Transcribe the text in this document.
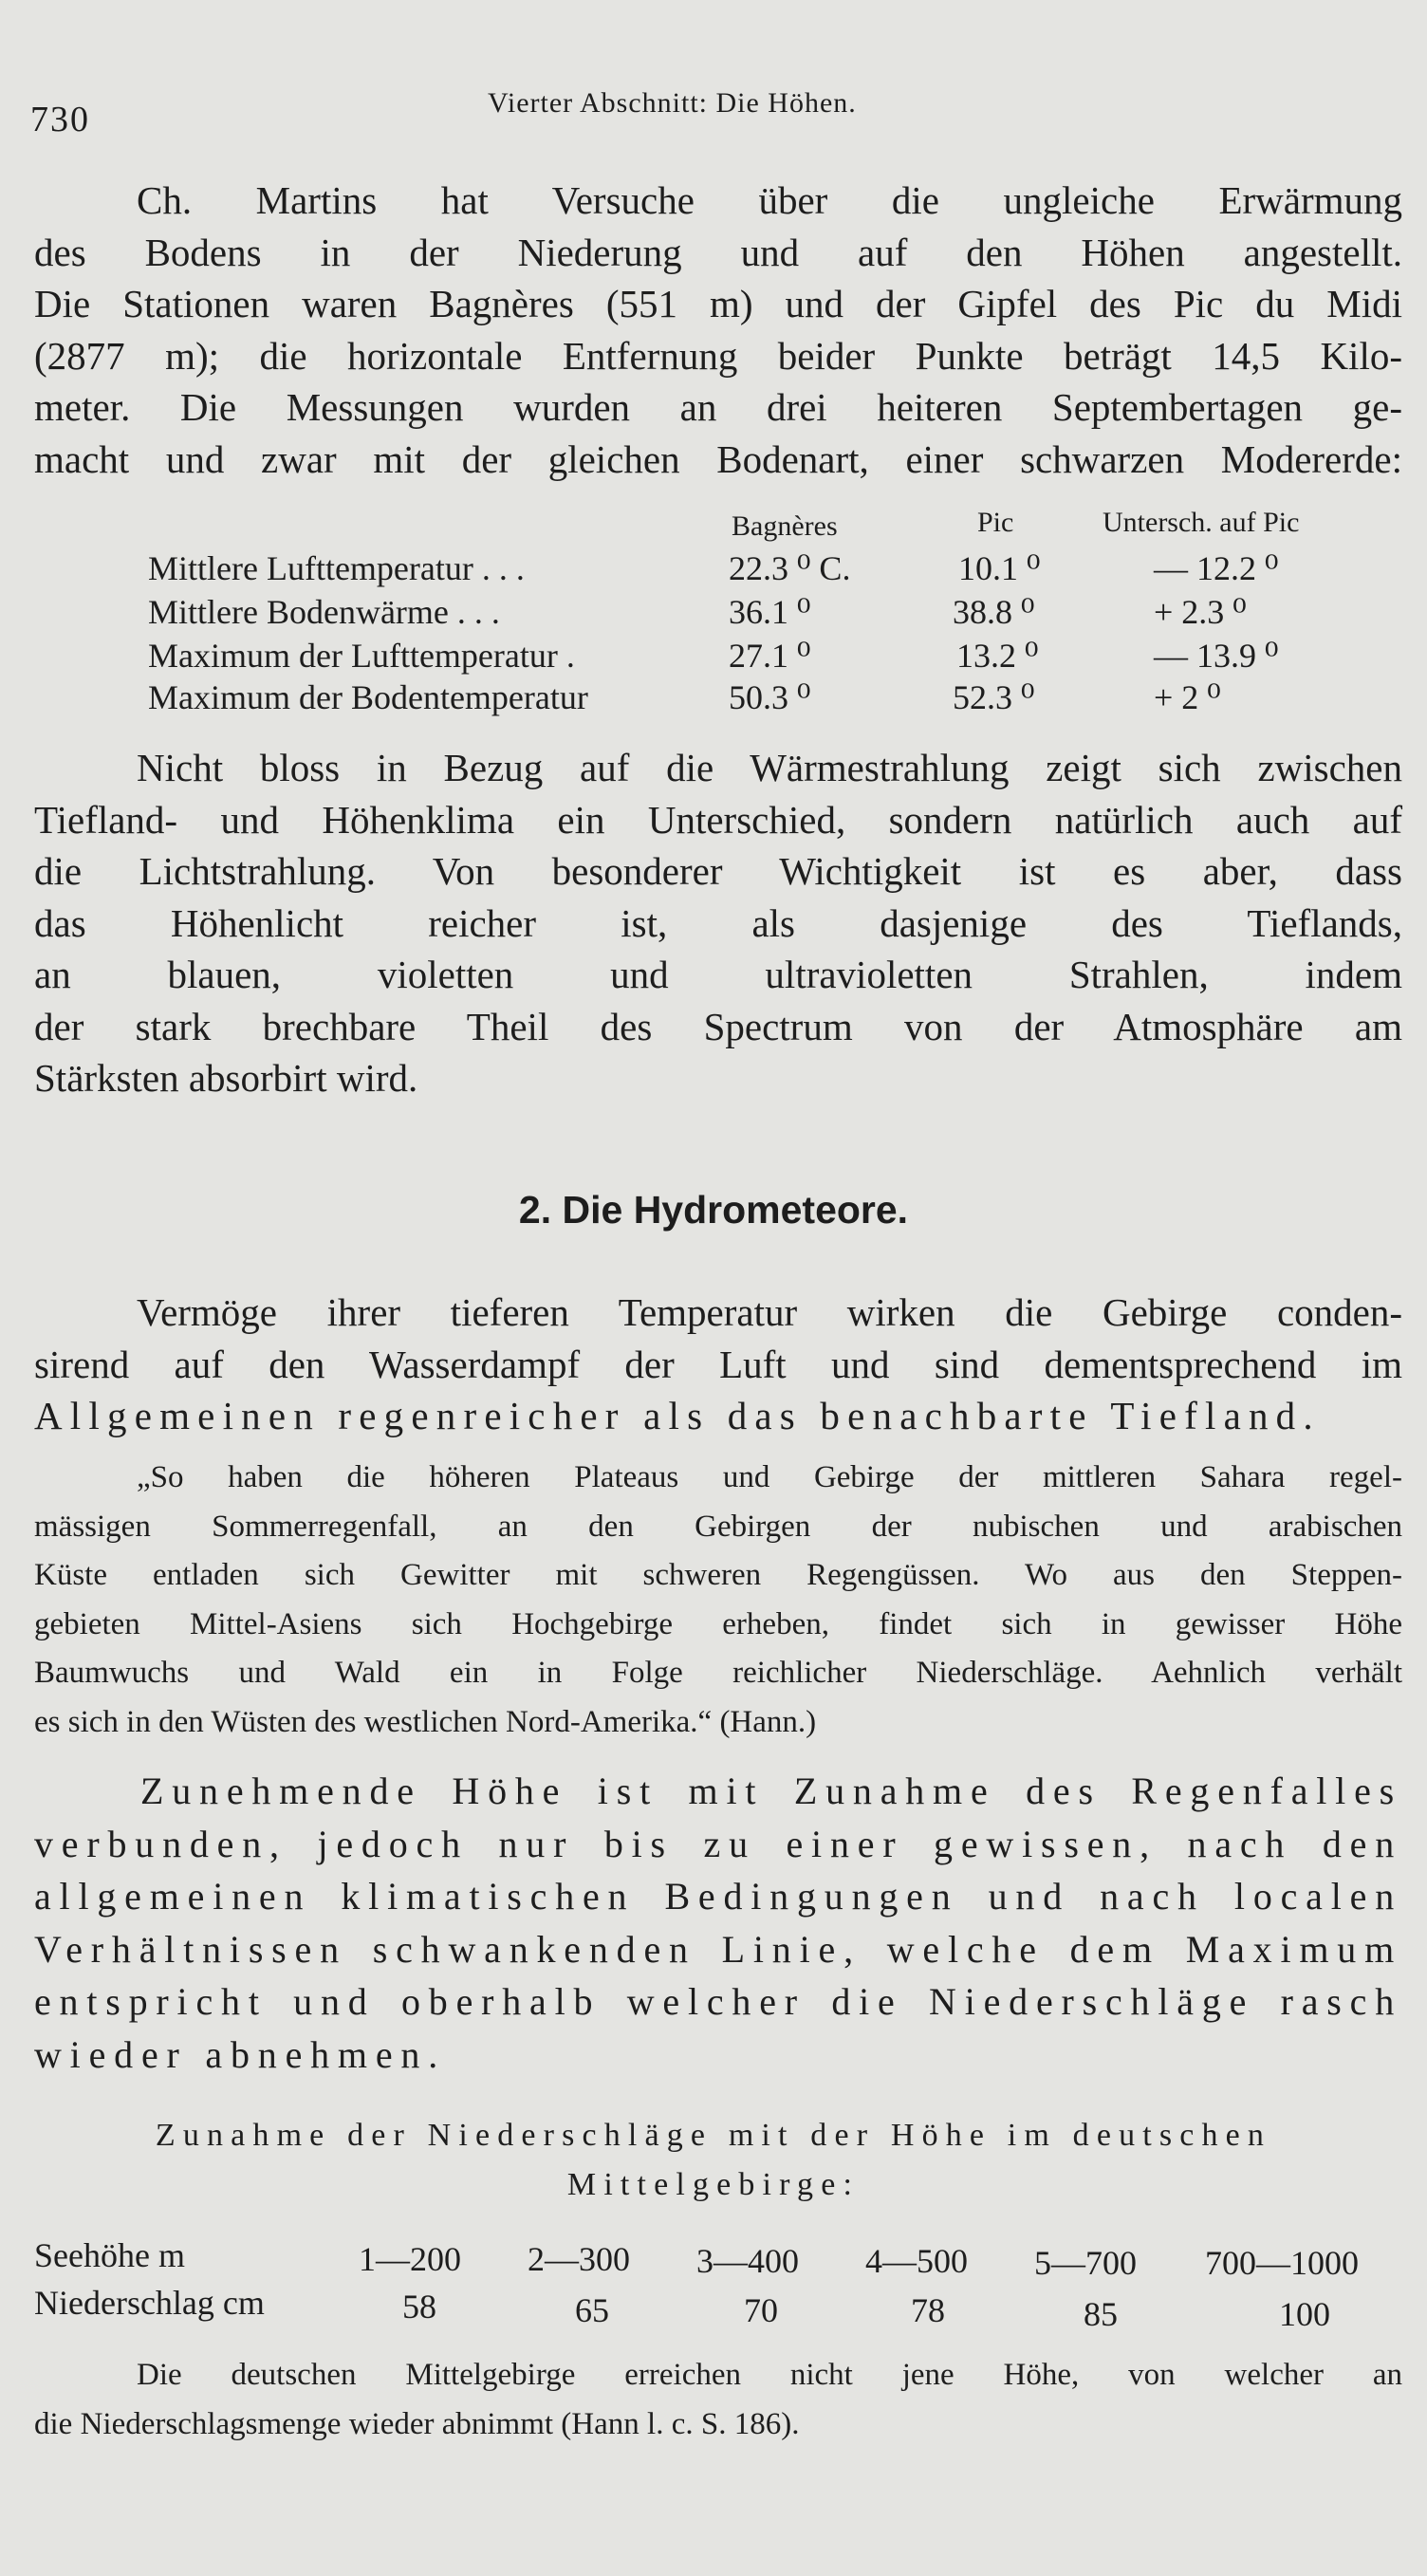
730	Vierter Abschnitt: Die Höhen.
Ch. Martins hat Versuche über die ungleiche Erwärmung
des Bodens in der Niederung und auf den Höhen angestellt.
Die Stationen waren Bagnères (551 m) und der Gipfel des Pic du Midi
(2877 m); die horizontale Entfernung beider Punkte beträgt 14,5 Kilo-
meter. Die Messungen wurden an drei heiteren Septembertagen ge-
macht und zwar mit der gleichen Bodenart, einer schwarzen Modererde:
Bagnères	Pic	Untersch. auf Pic
Mittlere Lufttemperatur . . .	22.3 ⁰ C.	10.1 ⁰	— 12.2 ⁰
Mittlere Bodenwärme . . .	36.1 ⁰	38.8 ⁰	+ 2.3 ⁰
Maximum der Lufttemperatur .	27.1 ⁰	13.2 ⁰	— 13.9 ⁰
Maximum der Bodentemperatur	50.3 ⁰	52.3 ⁰	+ 2 ⁰
Nicht bloss in Bezug auf die Wärmestrahlung zeigt sich zwischen
Tiefland- und Höhenklima ein Unterschied, sondern natürlich auch auf
die Lichtstrahlung. Von besonderer Wichtigkeit ist es aber, dass
das Höhenlicht reicher ist, als dasjenige des Tieflands,
an blauen, violetten und ultravioletten Strahlen, indem
der stark brechbare Theil des Spectrum von der Atmosphäre am
Stärksten absorbirt wird.
2. Die Hydrometeore.
Vermöge ihrer tieferen Temperatur wirken die Gebirge conden-
sirend auf den Wasserdampf der Luft und sind dementsprechend im
Allgemeinen regenreicher als das benachbarte Tiefland.
„So haben die höheren Plateaus und Gebirge der mittleren Sahara regel-
mässigen Sommerregenfall, an den Gebirgen der nubischen und arabischen
Küste entladen sich Gewitter mit schweren Regengüssen. Wo aus den Steppen-
gebieten Mittel-Asiens sich Hochgebirge erheben, findet sich in gewisser Höhe
Baumwuchs und Wald ein in Folge reichlicher Niederschläge. Aehnlich verhält
es sich in den Wüsten des westlichen Nord-Amerika.“ (Hann.)
Zunehmende Höhe ist mit Zunahme des Regenfalles
verbunden, jedoch nur bis zu einer gewissen, nach den
allgemeinen klimatischen Bedingungen und nach localen
Verhältnissen schwankenden Linie, welche dem Maximum
entspricht und oberhalb welcher die Niederschläge rasch
wieder abnehmen.
Zunahme der Niederschläge mit der Höhe im deutschen
Mittelgebirge:
Seehöhe m	1—200 2—300 3—400 4—500 5—700 700—1000
Niederschlag cm	58	65	70	78	85	100
Die deutschen Mittelgebirge erreichen nicht jene Höhe, von welcher an
die Niederschlagsmenge wieder abnimmt (Hann l. c. S. 186).
